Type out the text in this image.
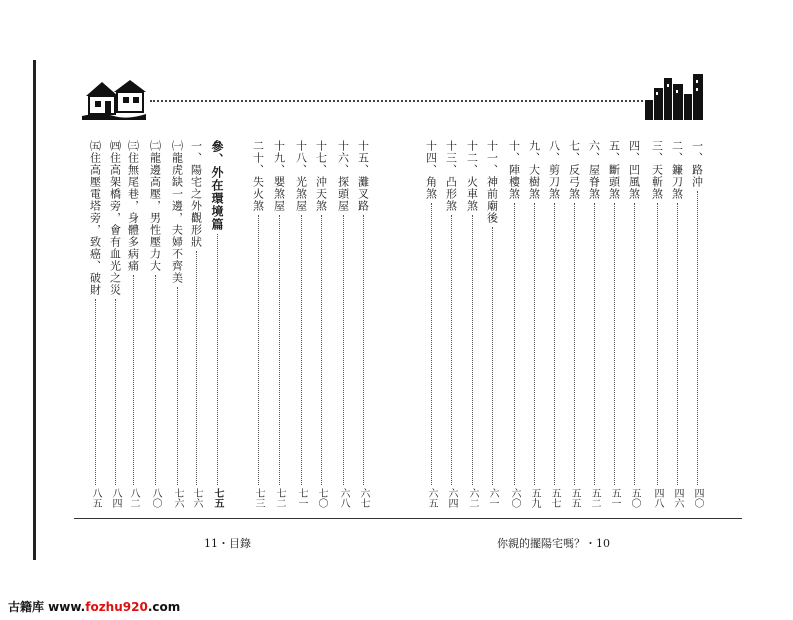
一、路沖
四〇
二、鐮刀煞
四六
三、天斬煞
四八
四、凹風煞
五〇
五、斷頭煞
五一
六、屋脊煞
五二
七、反弓煞
五五
八、剪刀煞
五七
九、大樹煞
五九
十、陣樓煞
六〇
十一、神前廟後
六一
十二、火車煞
六二
十三、凸形煞
六四
十四、角煞
六五
十五、灘叉路
六七
十六、探頭屋
六八
十七、沖天煞
七〇
十八、光煞屋
七一
十九、嬰煞屋
七二
二十、失火煞
七三
參、外在環境篇
七五
一、陽宅之外觀形狀
七六
㈠龍虎缺一邊，夫婦不齊美
七六
㈡龍邊高壓，男性壓力大
八〇
㈢住無尾巷，身體多病痛
八二
㈣住高架橋旁，會有血光之災
八四
㈤住高壓電塔旁，致癌、破財
八五
11・目錄	你親的擺陽宅嗎？・10
古籍库 www.fozhu920.com
